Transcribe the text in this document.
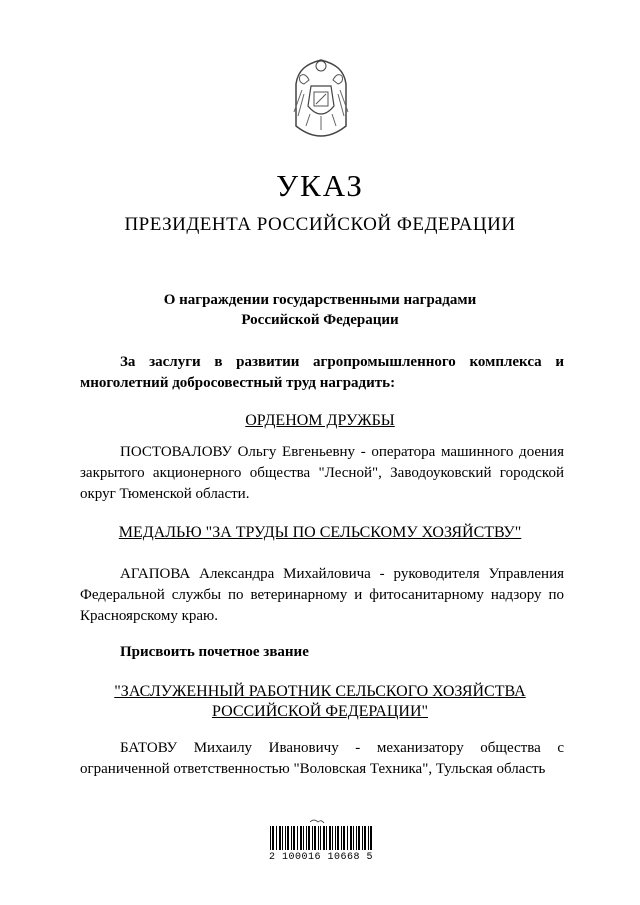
УКАЗ
ПРЕЗИДЕНТА РОССИЙСКОЙ ФЕДЕРАЦИИ
О награждении государственными наградами
Российской Федерации
За заслуги в развитии агропромышленного комплекса и многолетний добросовестный труд наградить:
ОРДЕНОМ ДРУЖБЫ
ПОСТОВАЛОВУ Ольгу Евгеньевну - оператора машинного доения закрытого акционерного общества "Лесной", Заводоуковский городской округ Тюменской области.
МЕДАЛЬЮ "ЗА ТРУДЫ ПО СЕЛЬСКОМУ ХОЗЯЙСТВУ"
АГАПОВА Александра Михайловича - руководителя Управления Федеральной службы по ветеринарному и фитосанитарному надзору по Красноярскому краю.
Присвоить почетное звание
"ЗАСЛУЖЕННЫЙ РАБОТНИК СЕЛЬСКОГО ХОЗЯЙСТВА
РОССИЙСКОЙ ФЕДЕРАЦИИ"
БАТОВУ Михаилу Ивановичу - механизатору общества с ограниченной ответственностью "Воловская Техника", Тульская область
2 100016 10668 5
